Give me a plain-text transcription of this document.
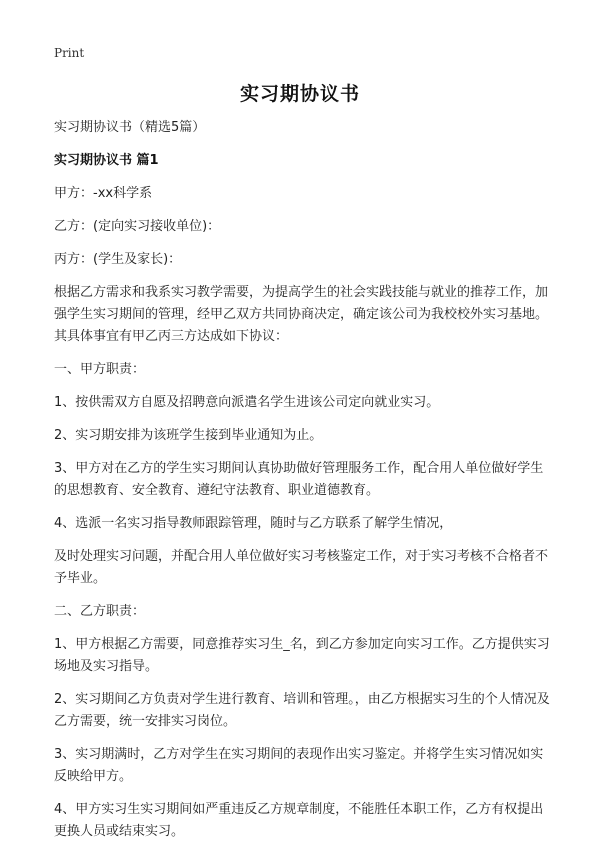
Print
实习期协议书

实习期协议书（精选5篇）

实习期协议书 篇1

甲方：-xx科学系

乙方：(定向实习接收单位)：

丙方：(学生及家长)：

根据乙方需求和我系实习教学需要，为提高学生的社会实践技能与就业的推荐工作，加强学生实习期间的管理，经甲乙双方共同协商决定，确定该公司为我校校外实习基地。其具体事宜有甲乙丙三方达成如下协议：

一、甲方职责：

1、按供需双方自愿及招聘意向派遣名学生进该公司定向就业实习。

2、实习期安排为该班学生接到毕业通知为止。

3、甲方对在乙方的学生实习期间认真协助做好管理服务工作，配合用人单位做好学生的思想教育、安全教育、遵纪守法教育、职业道德教育。

4、选派一名实习指导教师跟踪管理，随时与乙方联系了解学生情况，

及时处理实习问题，并配合用人单位做好实习考核鉴定工作，对于实习考核不合格者不予毕业。

二、乙方职责：

1、甲方根据乙方需要，同意推荐实习生_名，到乙方参加定向实习工作。乙方提供实习场地及实习指导。

2、实习期间乙方负责对学生进行教育、培训和管理。，由乙方根据实习生的个人情况及乙方需要，统一安排实习岗位。

3、实习期满时，乙方对学生在实习期间的表现作出实习鉴定。并将学生实习情况如实反映给甲方。

4、甲方实习生实习期间如严重违反乙方规章制度，不能胜任本职工作，乙方有权提出更换人员或结束实习。
